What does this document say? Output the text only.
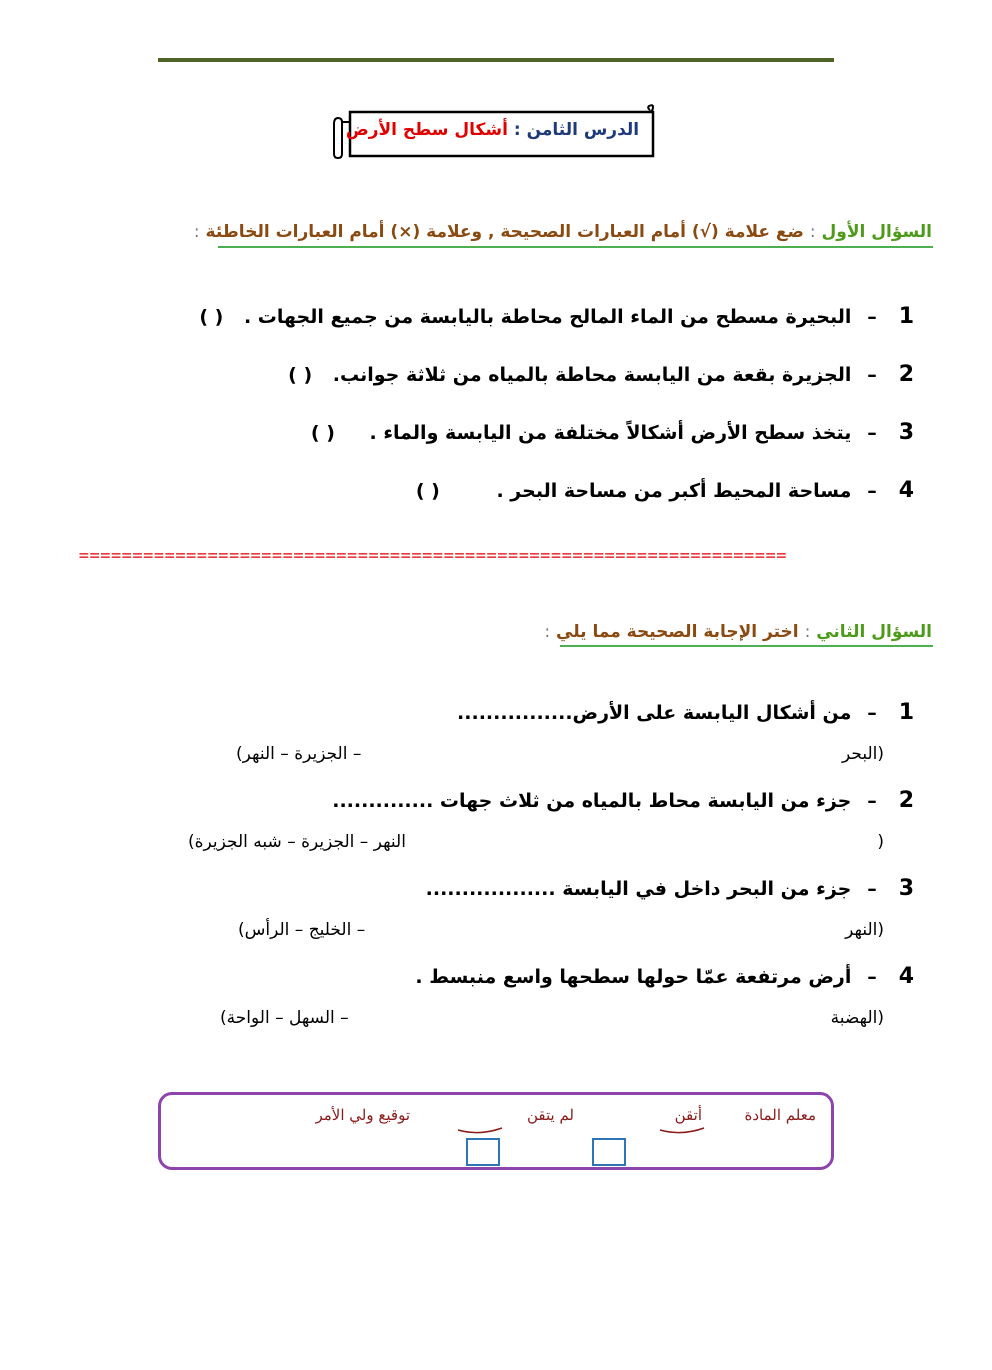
الدرس الثامن : أشكال سطح الأرض
السؤال الأول : ضع علامة (√) أمام العبارات الصحيحة , وعلامة (×) أمام العبارات الخاطئة :
1– البحيرة مسطح من الماء المالح محاطة باليابسة من جميع الجهات . ( )
2– الجزيرة بقعة من اليابسة محاطة بالمياه من ثلاثة جوانب. ( )
3– يتخذ سطح الأرض أشكالاً مختلفة من اليابسة والماء . ( )
4– مساحة المحيط أكبر من مساحة البحر . ( )
==================================================================
السؤال الثاني : اختر الإجابة الصحيحة مما يلي :
1– من أشكال اليابسة على الأرض................
(البحر
– الجزيرة – النهر)
2– جزء من اليابسة محاط بالمياه من ثلاث جهات ..............
(
النهر – الجزيرة – شبه الجزيرة)
3– جزء من البحر داخل في اليابسة ..................
(النهر
– الخليج – الرأس)
4– أرض مرتفعة عمّا حولها سطحها واسع منبسط .
(الهضبة
– السهل – الواحة)
معلم المادة
أتقن
لم يتقن
توقيع ولي الأمر
